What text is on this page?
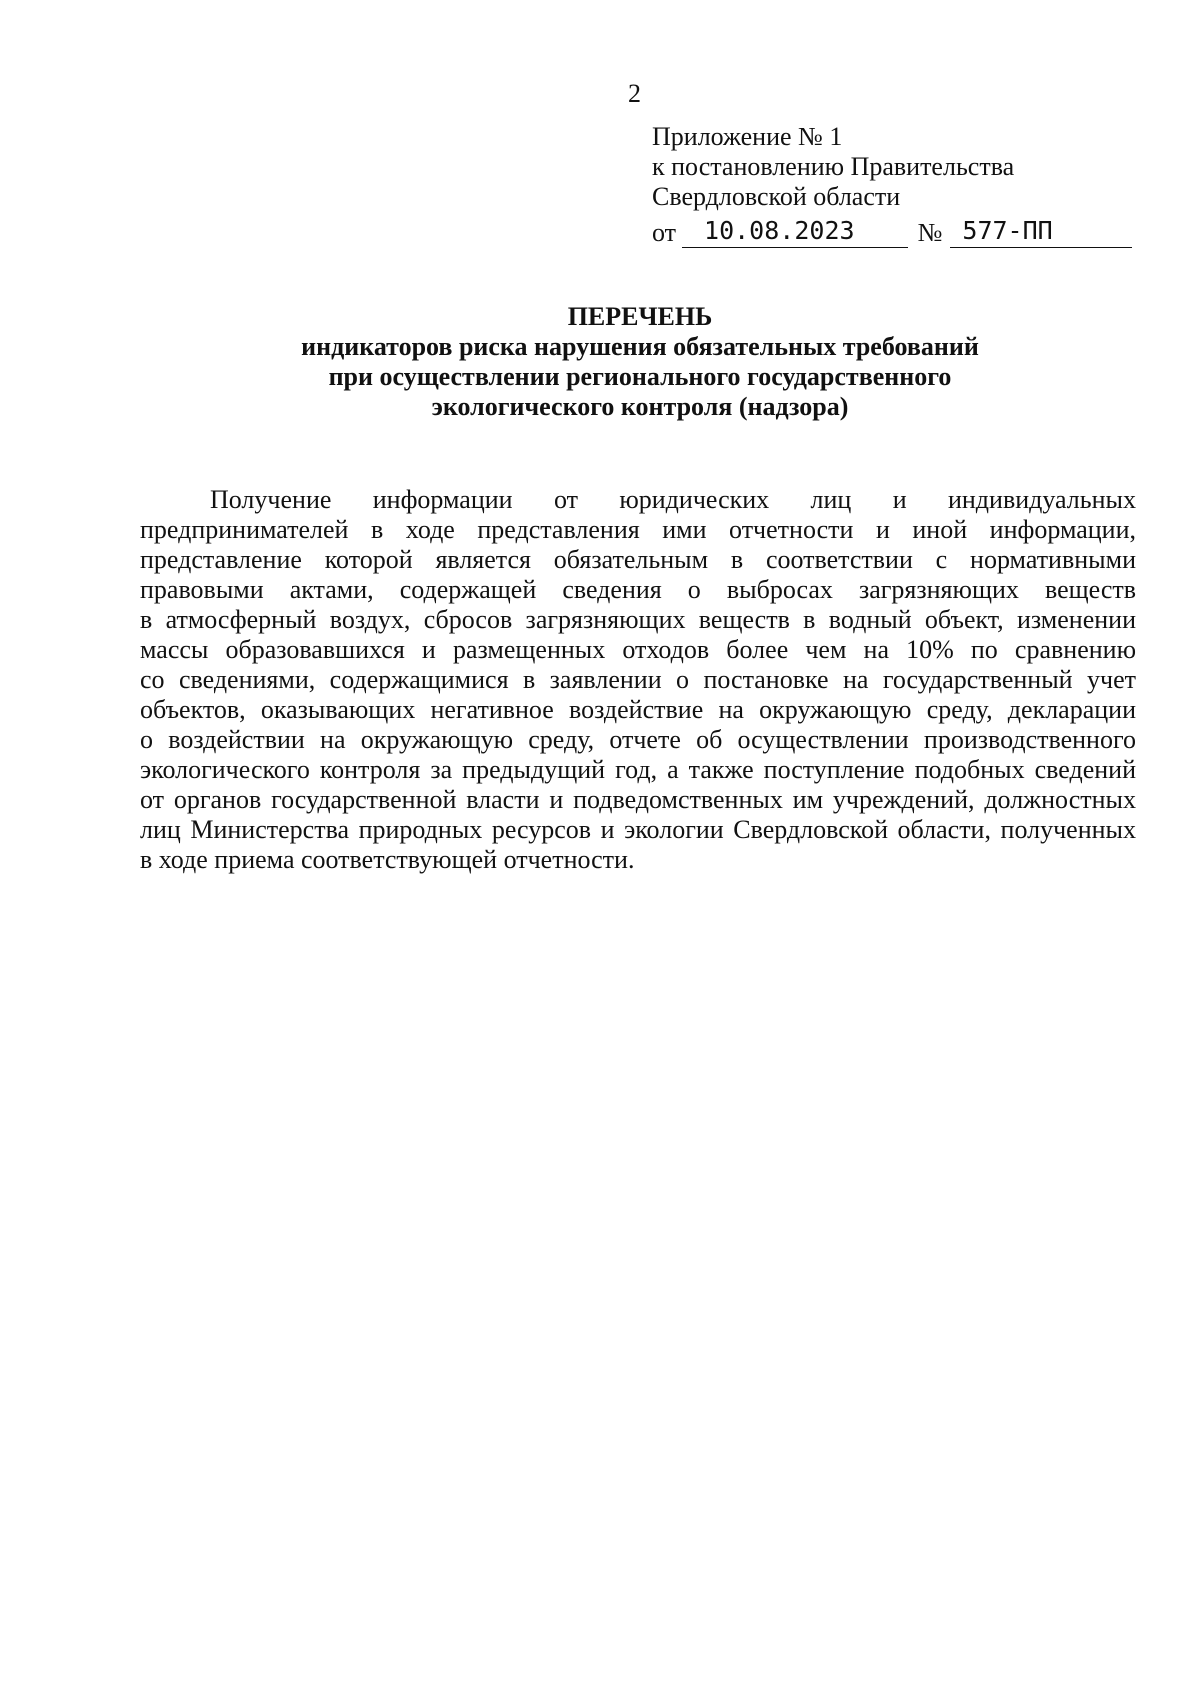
2
Приложение № 1
к постановлению Правительства
Свердловской области
от	10.08.2023	№ 577-ПП
ПЕРЕЧЕНЬ
индикаторов риска нарушения обязательных требований
при осуществлении регионального государственного
экологического контроля (надзора)
Получение информации от юридических лиц и индивидуальных
предпринимателей в ходе представления ими отчетности и иной информации,
представление которой является обязательным в соответствии с нормативными
правовыми актами, содержащей сведения о выбросах загрязняющих веществ
в атмосферный воздух, сбросов загрязняющих веществ в водный объект, изменении
массы образовавшихся и размещенных отходов более чем на 10% по сравнению
со сведениями, содержащимися в заявлении о постановке на государственный учет
объектов, оказывающих негативное воздействие на окружающую среду, декларации
о воздействии на окружающую среду, отчете об осуществлении производственного
экологического контроля за предыдущий год, а также поступление подобных сведений
от органов государственной власти и подведомственных им учреждений, должностных
лиц Министерства природных ресурсов и экологии Свердловской области, полученных
в ходе приема соответствующей отчетности.
